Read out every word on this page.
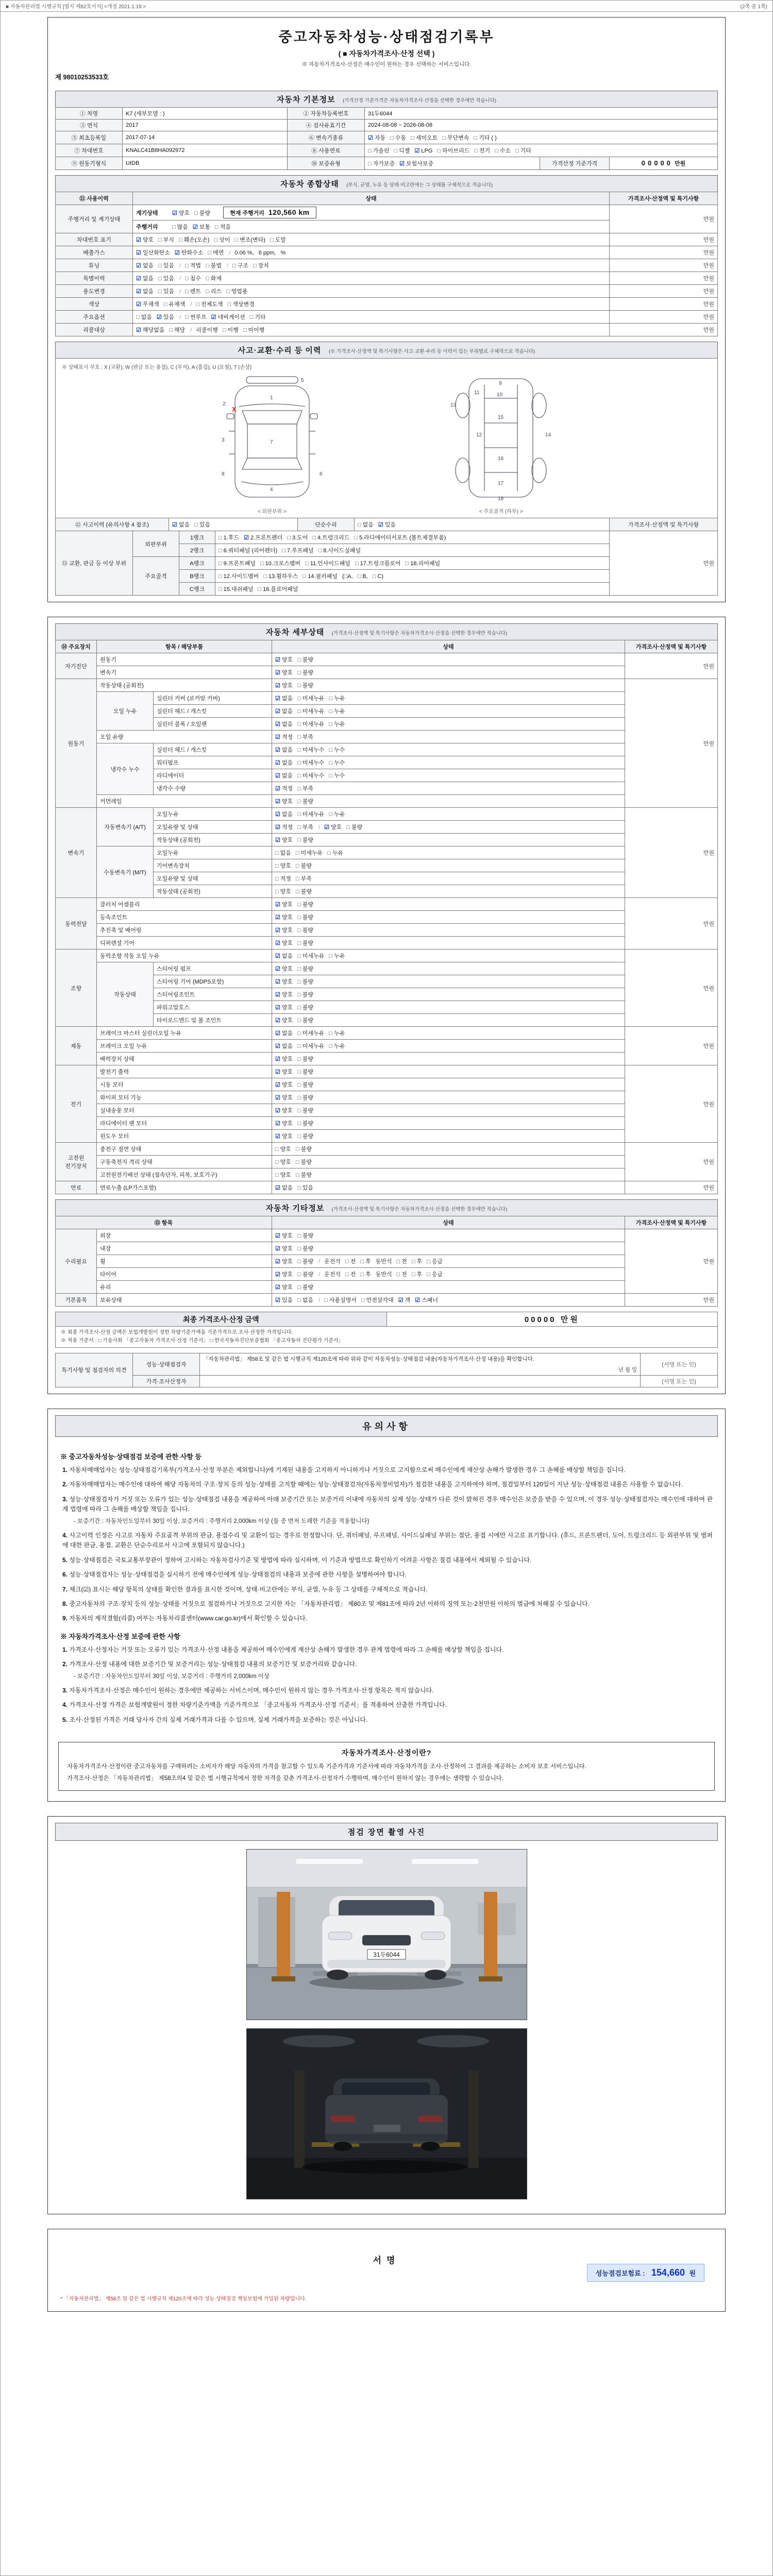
■ 자동차관리법 시행규칙 [별지 제82호서식] <개정 2021.1.19.>	(2쪽 중 1쪽)
중고자동차성능·상태점검기록부
( ■ 자동차가격조사·산정 선택 )
※ 자동차가격조사·산정은 매수인이 원하는 경우 선택하는 서비스입니다.
제 98010253533호
자동차 기본정보 (가격산정 기준가격은 자동차가격조사·산정을 선택한 경우에만 적습니다)
① 차명	K7 (세부모델 : )	② 자동차등록번호	31두6044		
③ 연식	2017	④ 검사유효기간	2024-08-08 ~ 2026-08-08		
⑤ 최초등록일	2017-07-14	⑥ 변속기종류	☑ 자동 □ 수동 □ 세미오토 □ 무단변속 □ 기타 ( )		
⑦ 차대번호	KNALC41B8HA092972	⑧ 사용연료	□ 가솔린 □ 디젤 ☑ LPG □ 하이브리드 □ 전기 □ 수소 □ 기타		
⑨ 원동기형식	UIDB	⑩ 보증유형	□ 자가보증 ☑ 보험사보증	가격산정 기준가격	00000 만원
자동차 종합상태 (부식, 균열, 누유 등 상태·비고란에는 그 상태를 구체적으로 적습니다)
⑪ 사용이력	상태	가격조사·산정액 및 특기사항
주행거리 및 계기상태	계기상태 ☑ 양호 □ 불량 현재 주행거리 120,560 km	만원
	주행거리 □ 많음 ☑ 보통 □ 적음	
차대번호 표기	☑ 양호 □ 부식 □ 훼손(오손) □ 상이 □ 변조(변타) □ 도말	만원
배출가스	☑ 일산화탄소 ☑ 탄화수소 □ 매연 / 0.06 %, 6 ppm, %	만원
튜닝	☑ 없음 □ 있음 / □ 적법 □ 불법 / □ 구조 □ 장치	만원
특별이력	☑ 없음 □ 있음 / □ 침수 □ 화재	만원
용도변경	☑ 없음 □ 있음 / □ 렌트 □ 리스 □ 영업용	만원
색상	☑ 무채색 □ 유채색 / □ 전체도색 □ 색상변경	만원
주요옵션	□ 없음 ☑ 있음 / □ 썬루프 ☑ 네비게이션 □ 기타	만원
리콜대상	☑ 해당없음 □ 해당 / 리콜이행 □ 이행 □ 미이행	만원
사고·교환·수리 등 이력 (※ 가격조사·산정액 및 특기사항은 사고·교환·수리 등 이력이 있는 부위별로 구체적으로 적습니다)
※ 상태표시 부호 : X (교환), W (판금 또는 용접), C (부식), A (흠집), U (요철), T (손상)
5
1
2
3	7
6
8
4
X
< 외판부위 >

9
10
11
12
13
14
15
16
17
18
< 주요골격 (하부) >
⑫ 사고이력 (유의사항 4 참조)	☑ 없음 □ 있음	단순수리	□ 없음 ☑ 있음	가격조사·산정액 및 특기사항
⑬ 교환, 판금 등 이상 부위	외판부위	1랭크	□ 1.후드 ☑ 2.프론트펜더 □ 3.도어 □ 4.트렁크리드 □ 5.라디에이터서포트 (볼트체결부품)	만원
		2랭크	□ 6.쿼터패널 (리어펜더) □ 7.루프패널 □ 8.사이드실패널	
	주요골격	A랭크	□ 9.프론트패널 □ 10.크로스멤버 □ 11.인사이드패널 □ 17.트렁크플로어 □ 18.리어패널	
		B랭크	□ 12.사이드멤버 □ 13.휠하우스 □ 14.필러패널 (□A, □ B, □ C)	
		C랭크	□ 15.대쉬패널 □ 16.플로어패널	
자동차 세부상태 (가격조사·산정액 및 특기사항은 자동차가격조사·산정을 선택한 경우에만 적습니다)
⑭ 주요장치	항목 / 해당부품		상태	가격조사·산정액 및 특기사항
자기진단	원동기		☑ 양호 □ 불량	만원
	변속기		☑ 양호 □ 불량	
원동기	작동상태 (공회전)		☑ 양호 □ 불량	만원
	오일 누유	실린더 커버 (로커암 커버)	☑ 없음 □ 미세누유 □ 누유	
		실린더 헤드 / 개스킷	☑ 없음 □ 미세누유 □ 누유	
		실린더 블록 / 오일팬	☑ 없음 □ 미세누유 □ 누유	
	오일 유량		☑ 적정 □ 부족	
	냉각수 누수	실린더 헤드 / 개스킷	☑ 없음 □ 미세누수 □ 누수	
		워터펌프	☑ 없음 □ 미세누수 □ 누수	
		라디에이터	☑ 없음 □ 미세누수 □ 누수	
		냉각수 수량	☑ 적정 □ 부족	
	커먼레일		☑ 양호 □ 불량	
변속기	자동변속기 (A/T)	오일누유	☑ 없음 □ 미세누유 □ 누유	만원
		오일유량 및 상태	☑ 적정 □ 부족 / ☑ 양호 □ 불량	
		작동상태 (공회전)	☑ 양호 □ 불량	
	수동변속기 (M/T)	오일누유	□ 없음 □ 미세누유 □ 누유	
		기어변속장치	□ 양호 □ 불량	
		오일유량 및 상태	□ 적정 □ 부족	
		작동상태 (공회전)	□ 양호 □ 불량	
동력전달	클러치 어셈블리		☑ 양호 □ 불량	만원
	등속조인트		☑ 양호 □ 불량	
	추진축 및 베어링		☑ 양호 □ 불량	
	디퍼렌셜 기어		☑ 양호 □ 불량	
조향	동력조향 작동 오일 누유		☑ 없음 □ 미세누유 □ 누유	만원
	작동상태	스티어링 펌프	☑ 양호 □ 불량	
		스티어링 기어 (MDPS포함)	☑ 양호 □ 불량	
		스티어링조인트	☑ 양호 □ 불량	
		파워고압호스	☑ 양호 □ 불량	
		타이로드엔드 및 볼 조인트	☑ 양호 □ 불량	
제동	브레이크 마스터 실린더오일 누유		☑ 없음 □ 미세누유 □ 누유	만원
	브레이크 오일 누유		☑ 없음 □ 미세누유 □ 누유	
	배력장치 상태		☑ 양호 □ 불량	
전기	발전기 출력		☑ 양호 □ 불량	만원
	시동 모터		☑ 양호 □ 불량	
	와이퍼 모터 기능		☑ 양호 □ 불량	
	실내송풍 모터		☑ 양호 □ 불량	
	라디에이터 팬 모터		☑ 양호 □ 불량	
	윈도우 모터		☑ 양호 □ 불량	
고전원 전기장치	충전구 절연 상태		□ 양호 □ 불량	만원
	구동축전지 격리 상태		□ 양호 □ 불량	
	고전원전기배선 상태 (접속단자, 피복, 보호기구)		□ 양호 □ 불량	
연료	연료누출 (LP가스포함)		☑ 없음 □ 있음	만원
자동차 기타정보 (가격조사·산정액 및 특기사항은 자동차가격조사·산정을 선택한 경우에만 적습니다)
⑮ 항목		상태	가격조사·산정액 및 특기사항
수리필요	외장	☑ 양호 □ 불량	만원
	내장	☑ 양호 □ 불량	
	휠	☑ 양호 □ 불량 / 운전석 □ 전 □ 후 동반석 □ 전 □ 후 □ 응급	
	타이어	☑ 양호 □ 불량 / 운전석 □ 전 □ 후 동반석 □ 전 □ 후 □ 응급	
	유리	☑ 양호 □ 불량	
기본품목	보유상태	☑ 있음 □ 없음 / □ 사용설명서 □ 안전삼각대 ☑ 잭 ☑ 스패너	만원
최종 가격조사·산정 금액	00000 만원
※ 최종 가격조사·산정 금액은 보험개발원이 정한 차량기준가액을 기준가격으로 조사·산정한 가격입니다.
※ 적용 기준서 : □ 기술사회 「중고자동차 가격조사·산정 기준서」 □ 한국자동차진단보증협회 「중고자동차 진단평가 기준서」
특기사항 및 점검자의 의견	성능·상태점검자	「자동차관리법」 제58조 및 같은 법 시행규칙 제120조에 따라 위와 같이 자동차성능·상태점검 내용(자동차가격조사·산정 내용)을 확인합니다.
년 월 일	(서명 또는 인)
	가격·조사산정자		(서명 또는 인)
유의사항
※ 중고자동차성능·상태점검 보증에 관한 사항 등
1. 자동차매매업자는 성능·상태점검기록부(가격조사·산정 부분은 제외합니다)에 기재된 내용을 고지하지 아니하거나 거짓으로 고지함으로써 매수인에게 재산상 손해가 발생한 경우 그 손해를 배상할 책임을 집니다.
2. 자동차매매업자는 매수인에 대하여 해당 자동차의 구조·장치 등의 성능·상태를 고지할 때에는 성능·상태점검자(자동차정비업자)가 점검한 내용을 고지하여야 하며, 점검일부터 120일이 지난 성능·상태점검 내용은 사용할 수 없습니다.
3. 성능·상태점검자가 거짓 또는 오류가 있는 성능·상태점검 내용을 제공하여 아래 보증기간 또는 보증거리 이내에 자동차의 실제 성능·상태가 다른 것이 밝혀진 경우 매수인은 보증을 받을 수 있으며, 이 경우 성능·상태점검자는 매수인에 대하여 관계 법령에 따라 그 손해를 배상할 책임을 집니다.
- 보증기간 : 자동차인도일부터 30일 이상, 보증거리 : 주행거리 2,000km 이상 (둘 중 먼저 도래한 기준을 적용합니다)
4. 사고이력 인정은 사고로 자동차 주요골격 부위의 판금, 용접수리 및 교환이 있는 경우로 한정합니다. 단, 쿼터패널, 루프패널, 사이드실패널 부위는 절단, 용접 시에만 사고로 표기합니다. (후드, 프론트펜더, 도어, 트렁크리드 등 외판부위 및 범퍼에 대한 판금, 용접, 교환은 단순수리로서 사고에 포함되지 않습니다.)
5. 성능·상태점검은 국토교통부장관이 정하여 고시하는 자동차검사기준 및 방법에 따라 실시하며, 이 기준과 방법으로 확인하기 어려운 사항은 점검 내용에서 제외될 수 있습니다.
6. 성능·상태점검자는 성능·상태점검을 실시하기 전에 매수인에게 성능·상태점검의 내용과 보증에 관한 사항을 설명하여야 합니다.
7. 체크(☑) 표시는 해당 항목의 상태를 확인한 결과를 표시한 것이며, 상태·비고란에는 부식, 균열, 누유 등 그 상태를 구체적으로 적습니다.
8. 중고자동차의 구조·장치 등의 성능·상태를 거짓으로 점검하거나 거짓으로 고지한 자는 「자동차관리법」 제80조 및 제81조에 따라 2년 이하의 징역 또는 2천만원 이하의 벌금에 처해질 수 있습니다.
9. 자동차의 제작결함(리콜) 여부는 자동차리콜센터(www.car.go.kr)에서 확인할 수 있습니다.
※ 자동차가격조사·산정 보증에 관한 사항
1. 가격조사·산정자는 거짓 또는 오류가 있는 가격조사·산정 내용을 제공하여 매수인에게 재산상 손해가 발생한 경우 관계 법령에 따라 그 손해를 배상할 책임을 집니다.
2. 가격조사·산정 내용에 대한 보증기간 및 보증거리는 성능·상태점검 내용의 보증기간 및 보증거리와 같습니다.
- 보증기간 : 자동차인도일부터 30일 이상, 보증거리 : 주행거리 2,000km 이상
3. 자동차가격조사·산정은 매수인이 원하는 경우에만 제공하는 서비스이며, 매수인이 원하지 않는 경우 가격조사·산정 항목은 적지 않습니다.
4. 가격조사·산정 가격은 보험개발원이 정한 차량기준가액을 기준가격으로 「중고자동차 가격조사·산정 기준서」를 적용하여 산출한 가격입니다.
5. 조사·산정된 가격은 거래 당사자 간의 실제 거래가격과 다를 수 있으며, 실제 거래가격을 보증하는 것은 아닙니다.
자동차가격조사·산정이란?

자동차가격조사·산정이란 중고자동차를 구매하려는 소비자가 해당 자동차의 가격을 참고할 수 있도록 기준가격과 기준서에 따라 자동차가격을 조사·산정하여 그 결과를 제공하는 소비자 보호 서비스입니다.

가격조사·산정은 「자동차관리법」 제58조의4 및 같은 법 시행규칙에서 정한 자격을 갖춘 가격조사·산정자가 수행하며, 매수인이 원하지 않는 경우에는 생략할 수 있습니다.

점검 장면 촬영 사진
31두6044
서명
성능점검보험료 : 154,660 원
* 「자동차관리법」 제58조 및 같은 법 시행규칙 제120조에 따라 성능·상태점검 책임보험에 가입된 차량입니다.
